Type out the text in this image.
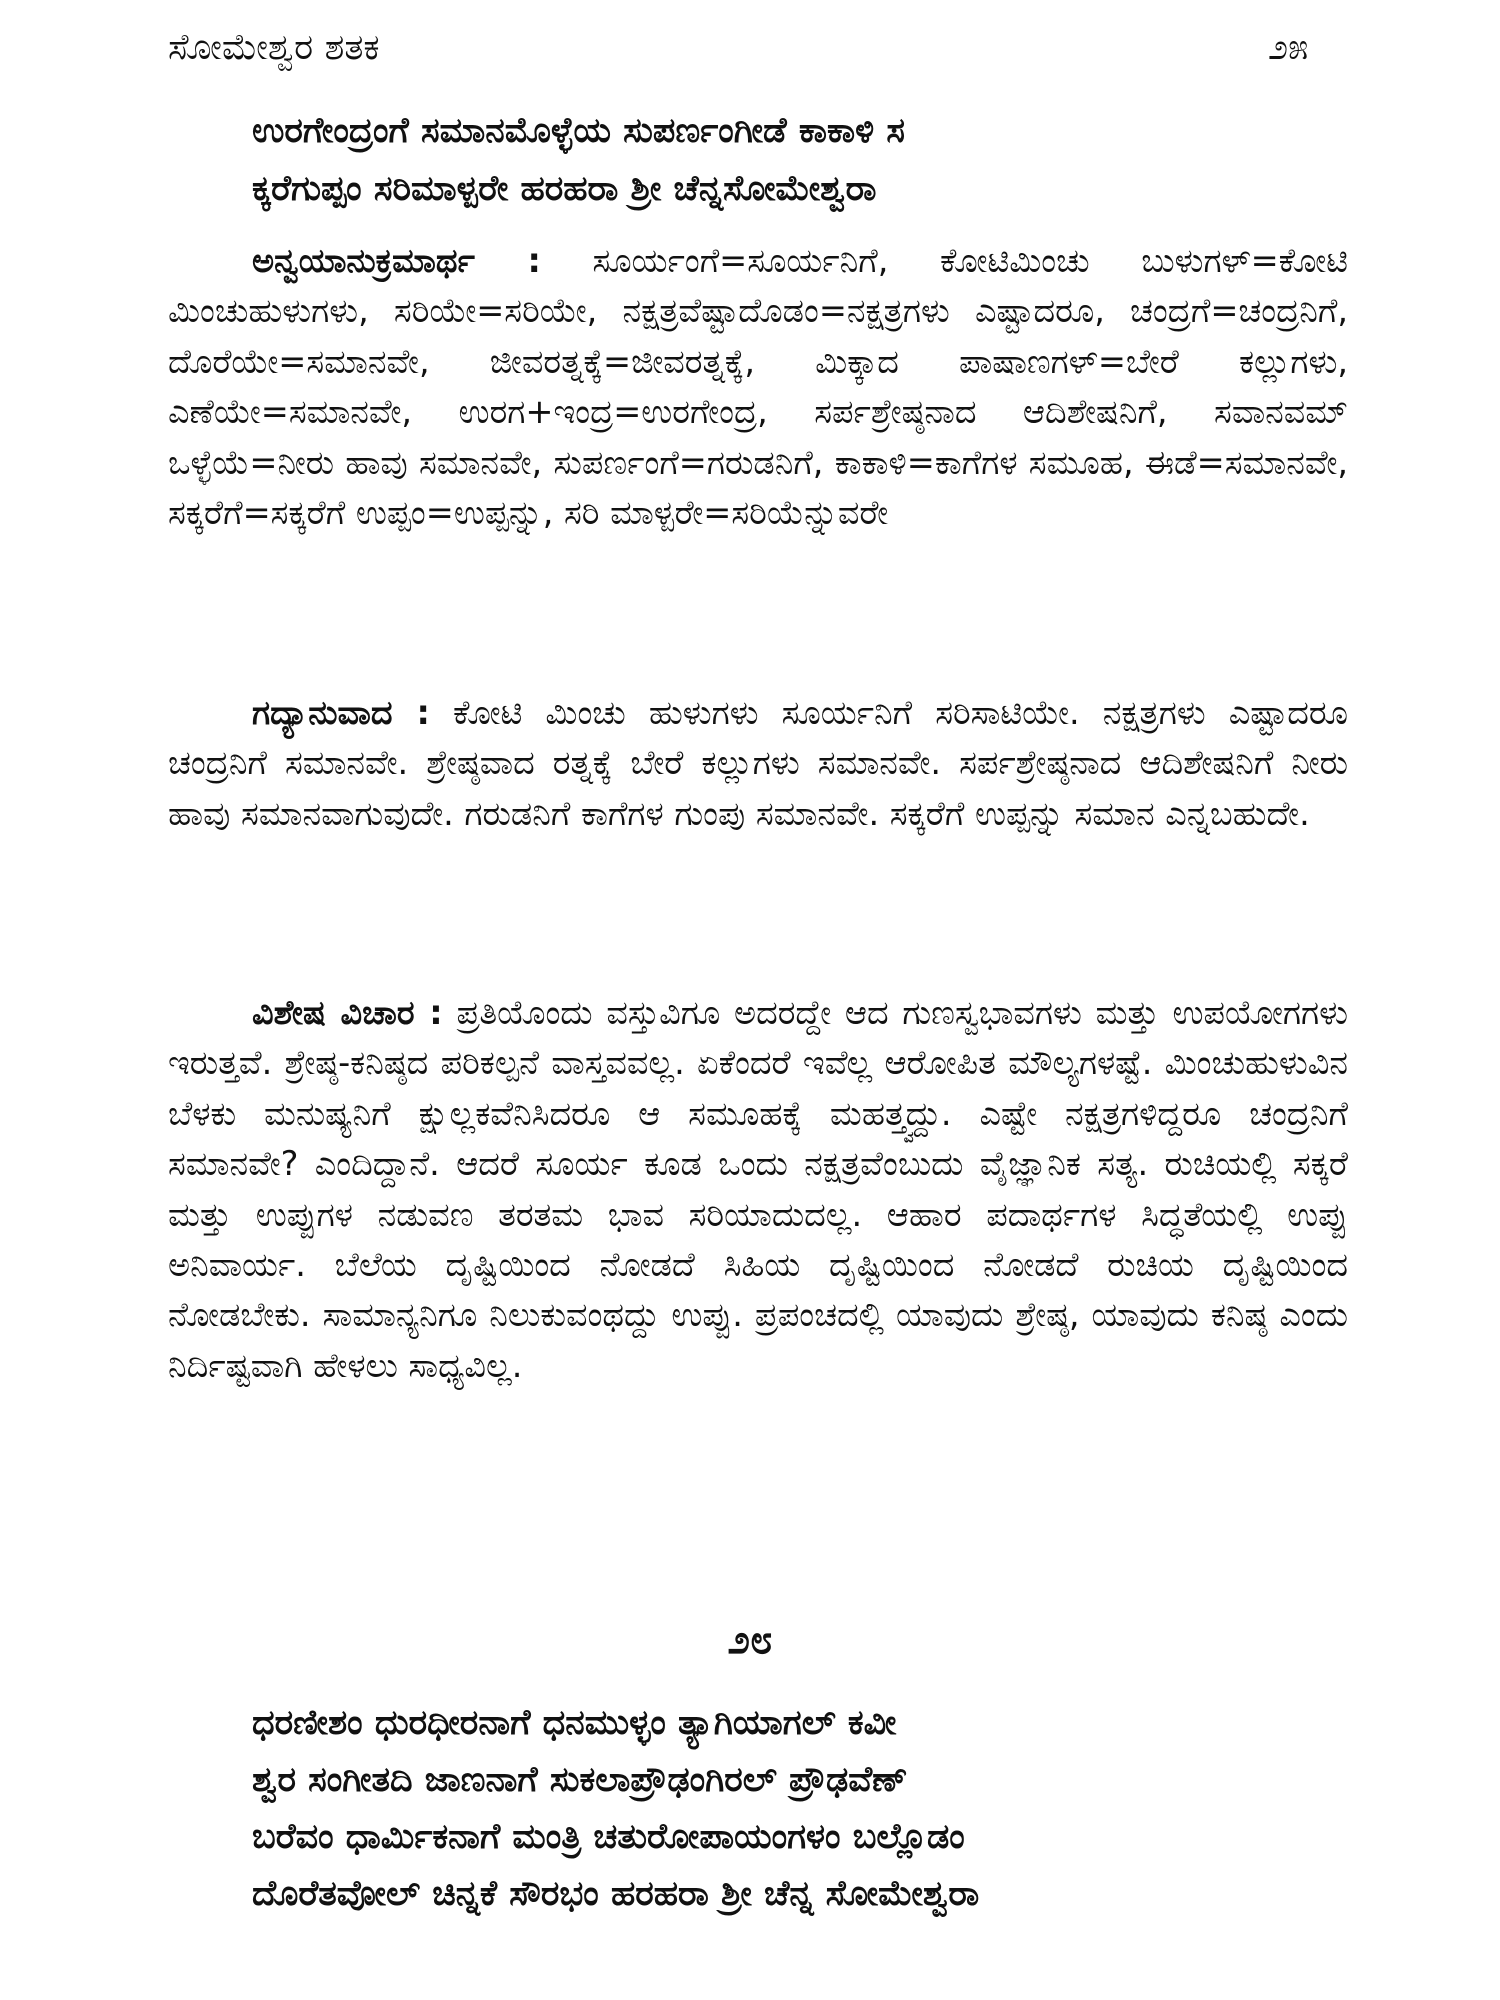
ಸೋಮೇಶ್ವರ ಶತಕ	೨೫
ಉರಗೇಂದ್ರಂಗೆ ಸಮಾನಮೊಳ್ಳೆಯ ಸುಪರ್ಣಂಗೀಡೆ ಕಾಕಾಳಿ ಸ
ಕ್ಕರೆಗುಪ್ಪಂ ಸರಿಮಾಳ್ಪರೇ ಹರಹರಾ ಶ್ರೀ ಚೆನ್ನಸೋಮೇಶ್ವರಾ
ಅನ್ವಯಾನುಕ್ರಮಾರ್ಥ : ಸೂರ್ಯಂಗೆ=ಸೂರ್ಯನಿಗೆ, ಕೋಟಿಮಿಂಚು ಬುಳುಗಳ್=ಕೋಟಿ ಮಿಂಚುಹುಳುಗಳು, ಸರಿಯೇ=ಸರಿಯೇ, ನಕ್ಷತ್ರವೆಷ್ಟಾದೊಡಂ=ನಕ್ಷತ್ರಗಳು ಎಷ್ಟಾದರೂ, ಚಂದ್ರಗೆ=ಚಂದ್ರನಿಗೆ, ದೊರೆಯೇ=ಸಮಾನವೇ, ಜೀವರತ್ನಕ್ಕೆ=ಜೀವರತ್ನಕ್ಕೆ, ಮಿಕ್ಕಾದ ಪಾಷಾಣಗಳ್=ಬೇರೆ ಕಲ್ಲುಗಳು, ಎಣೆಯೇ=ಸಮಾನವೇ, ಉರಗ+ಇಂದ್ರ=ಉರಗೇಂದ್ರ, ಸರ್ಪಶ್ರೇಷ್ಠನಾದ ಆದಿಶೇಷನಿಗೆ, ಸವಾನವಮ್ ಒಳ್ಳೆಯೆ=ನೀರು ಹಾವು ಸಮಾನವೇ, ಸುಪರ್ಣಂಗೆ=ಗರುಡನಿಗೆ, ಕಾಕಾಳಿ=ಕಾಗೆಗಳ ಸಮೂಹ, ಈಡೆ=ಸಮಾನವೇ, ಸಕ್ಕರೆಗೆ=ಸಕ್ಕರೆಗೆ ಉಪ್ಪಂ=ಉಪ್ಪನ್ನು, ಸರಿ ಮಾಳ್ಪರೇ=ಸರಿಯೆನ್ನುವರೇ
ಗದ್ಯಾನುವಾದ : ಕೋಟಿ ಮಿಂಚು ಹುಳುಗಳು ಸೂರ್ಯನಿಗೆ ಸರಿಸಾಟಿಯೇ. ನಕ್ಷತ್ರಗಳು ಎಷ್ಟಾದರೂ ಚಂದ್ರನಿಗೆ ಸಮಾನವೇ. ಶ್ರೇಷ್ಠವಾದ ರತ್ನಕ್ಕೆ ಬೇರೆ ಕಲ್ಲುಗಳು ಸಮಾನವೇ. ಸರ್ಪಶ್ರೇಷ್ಠನಾದ ಆದಿಶೇಷನಿಗೆ ನೀರು ಹಾವು ಸಮಾನವಾಗುವುದೇ. ಗರುಡನಿಗೆ ಕಾಗೆಗಳ ಗುಂಪು ಸಮಾನವೇ. ಸಕ್ಕರೆಗೆ ಉಪ್ಪನ್ನು ಸಮಾನ ಎನ್ನಬಹುದೇ.
ವಿಶೇಷ ವಿಚಾರ : ಪ್ರತಿಯೊಂದು ವಸ್ತುವಿಗೂ ಅದರದ್ದೇ ಆದ ಗುಣಸ್ವಭಾವಗಳು ಮತ್ತು ಉಪಯೋಗಗಳು ಇರುತ್ತವೆ. ಶ್ರೇಷ್ಠ-ಕನಿಷ್ಠದ ಪರಿಕಲ್ಪನೆ ವಾಸ್ತವವಲ್ಲ. ಏಕೆಂದರೆ ಇವೆಲ್ಲ ಆರೋಪಿತ ಮೌಲ್ಯಗಳಷ್ಟೆ. ಮಿಂಚುಹುಳುವಿನ ಬೆಳಕು ಮನುಷ್ಯನಿಗೆ ಕ್ಷುಲ್ಲಕವೆನಿಸಿದರೂ ಆ ಸಮೂಹಕ್ಕೆ ಮಹತ್ತ್ವದ್ದು. ಎಷ್ಟೇ ನಕ್ಷತ್ರಗಳಿದ್ದರೂ ಚಂದ್ರನಿಗೆ ಸಮಾನವೇ? ಎಂದಿದ್ದಾನೆ. ಆದರೆ ಸೂರ್ಯ ಕೂಡ ಒಂದು ನಕ್ಷತ್ರವೆಂಬುದು ವೈಜ್ಞಾನಿಕ ಸತ್ಯ. ರುಚಿಯಲ್ಲಿ ಸಕ್ಕರೆ ಮತ್ತು ಉಪ್ಪುಗಳ ನಡುವಣ ತರತಮ ಭಾವ ಸರಿಯಾದುದಲ್ಲ. ಆಹಾರ ಪದಾರ್ಥಗಳ ಸಿದ್ಧತೆಯಲ್ಲಿ ಉಪ್ಪು ಅನಿವಾರ್ಯ. ಬೆಲೆಯ ದೃಷ್ಟಿಯಿಂದ ನೋಡದೆ ಸಿಹಿಯ ದೃಷ್ಟಿಯಿಂದ ನೋಡದೆ ರುಚಿಯ ದೃಷ್ಟಿಯಿಂದ ನೋಡಬೇಕು. ಸಾಮಾನ್ಯನಿಗೂ ನಿಲುಕುವಂಥದ್ದು ಉಪ್ಪು. ಪ್ರಪಂಚದಲ್ಲಿ ಯಾವುದು ಶ್ರೇಷ್ಠ, ಯಾವುದು ಕನಿಷ್ಠ ಎಂದು ನಿರ್ದಿಷ್ಟವಾಗಿ ಹೇಳಲು ಸಾಧ್ಯವಿಲ್ಲ.
೨೮
ಧರಣೀಶಂ ಧುರಧೀರನಾಗೆ ಧನಮುಳ್ಳಂ ತ್ಯಾಗಿಯಾಗಲ್ ಕವೀ
ಶ್ವರ ಸಂಗೀತದಿ ಜಾಣನಾಗೆ ಸುಕಲಾಪ್ರೌಢಂಗಿರಲ್ ಪ್ರೌಢವೆಣ್
ಬರೆವಂ ಧಾರ್ಮಿಕನಾಗೆ ಮಂತ್ರಿ ಚತುರೋಪಾಯಂಗಳಂ ಬಲ್ಲೊಡಂ
ದೊರೆತವೋಲ್ ಚಿನ್ನಕೆ ಸೌರಭಂ ಹರಹರಾ ಶ್ರೀ ಚೆನ್ನ ಸೋಮೇಶ್ವರಾ
